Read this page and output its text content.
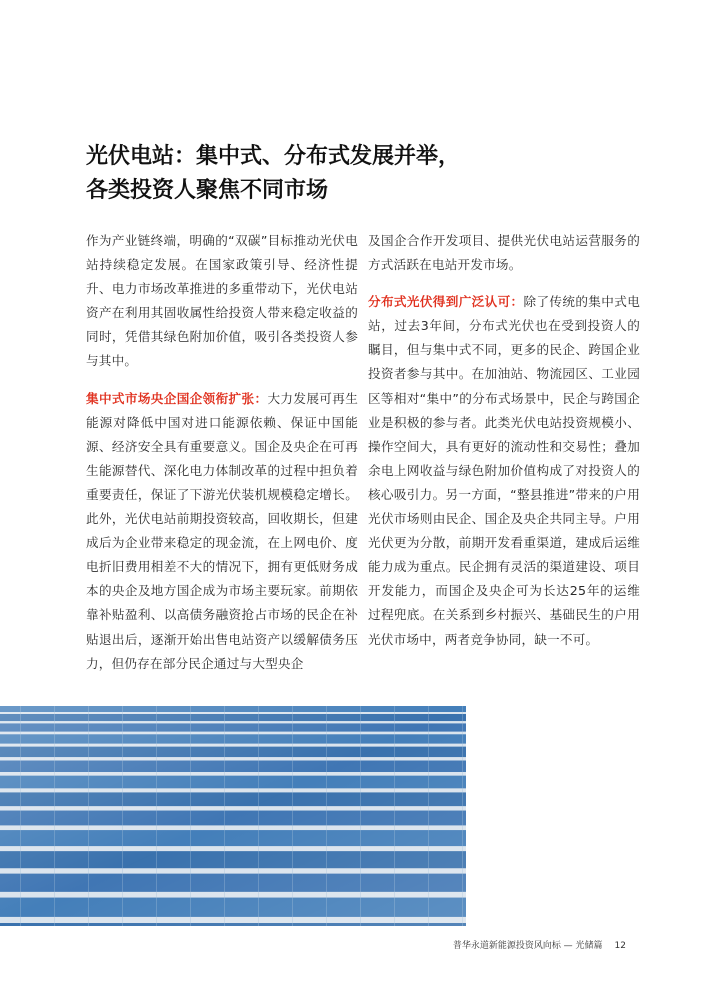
光伏电站：集中式、分布式发展并举，
各类投资人聚焦不同市场

作为产业链终端，明确的“双碳”目标推动光伏电站持续稳定发展。在国家政策引导、经济性提升、电力市场改革推进的多重带动下，光伏电站资产在利用其固收属性给投资人带来稳定收益的同时，凭借其绿色附加价值，吸引各类投资人参与其中。

集中式市场央企国企领衔扩张：大力发展可再生能源对降低中国对进口能源依赖、保证中国能源、经济安全具有重要意义。国企及央企在可再生能源替代、深化电力体制改革的过程中担负着重要责任，保证了下游光伏装机规模稳定增长。此外，光伏电站前期投资较高，回收期长，但建成后为企业带来稳定的现金流，在上网电价、度电折旧费用相差不大的情况下，拥有更低财务成本的央企及地方国企成为市场主要玩家。前期依靠补贴盈利、以高债务融资抢占市场的民企在补贴退出后，逐渐开始出售电站资产以缓解债务压力，但仍存在部分民企通过与大型央企

及国企合作开发项目、提供光伏电站运营服务的方式活跃在电站开发市场。

分布式光伏得到广泛认可：除了传统的集中式电站，过去3年间，分布式光伏也在受到投资人的瞩目，但与集中式不同，更多的民企、跨国企业投资者参与其中。在加油站、物流园区、工业园区等相对“集中”的分布式场景中，民企与跨国企业是积极的参与者。此类光伏电站投资规模小、操作空间大，具有更好的流动性和交易性；叠加余电上网收益与绿色附加价值构成了对投资人的核心吸引力。另一方面，“整县推进”带来的户用光伏市场则由民企、国企及央企共同主导。户用光伏更为分散，前期开发看重渠道，建成后运维能力成为重点。民企拥有灵活的渠道建设、项目开发能力，而国企及央企可为长达25年的运维过程兜底。在关系到乡村振兴、基础民生的户用光伏市场中，两者竞争协同，缺一不可。

普华永道新能源投资风向标 — 光储篇 12
